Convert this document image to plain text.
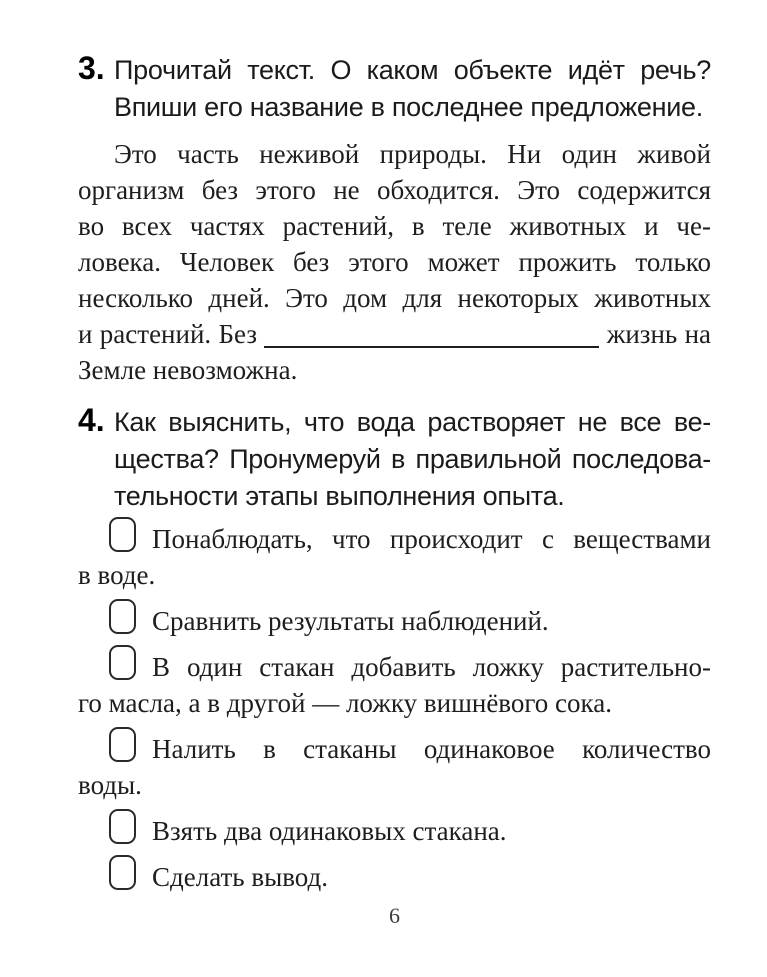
3. Прочитай текст. О каком объекте идёт речь?
Впиши его название в последнее предложение.
Это часть неживой природы. Ни один живой
организм без этого не обходится. Это содержится
во всех частях растений, в теле животных и че-
ловека. Человек без этого может прожить только
несколько дней. Это дом для некоторых животных
и растений. Без	жизнь на
Земле невозможна.
4. Как выяснить, что вода растворяет не все ве-
щества? Пронумеруй в правильной последова-
тельности этапы выполнения опыта.
Понаблюдать, что происходит с веществами
в воде.
Сравнить результаты наблюдений.
В один стакан добавить ложку растительно-
го масла, а в другой — ложку вишнёвого сока.
Налить в стаканы одинаковое количество
воды.
Взять два одинаковых стакана.
Сделать вывод.
6
